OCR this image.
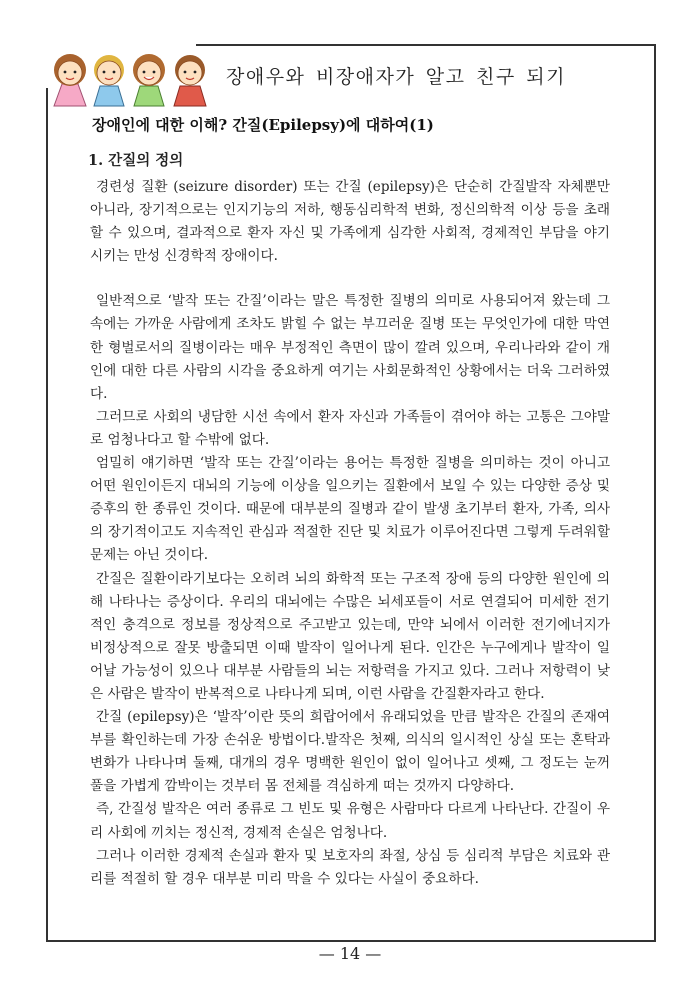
장애우와 비장애자가 알고 친구 되기
장애인에 대한 이해? 간질(Epilepsy)에 대하여(1)
1. 간질의 정의

경련성 질환 (seizure disorder) 또는 간질 (epilepsy)은 단순히 간질발작 자체뿐만 아니라, 장기적으로는 인지기능의 저하, 행동심리학적 변화, 정신의학적 이상 등을 초래할 수 있으며, 결과적으로 환자 자신 및 가족에게 심각한 사회적, 경제적인 부담을 야기 시키는 만성 신경학적 장애이다.

일반적으로 ‘발작 또는 간질’이라는 말은 특정한 질병의 의미로 사용되어져 왔는데 그 속에는 가까운 사람에게 조차도 밝힐 수 없는 부끄러운 질병 또는 무엇인가에 대한 막연한 형벌로서의 질병이라는 매우 부정적인 측면이 많이 깔려 있으며, 우리나라와 같이 개인에 대한 다른 사람의 시각을 중요하게 여기는 사회문화적인 상황에서는 더욱 그러하였다.

그러므로 사회의 냉담한 시선 속에서 환자 자신과 가족들이 겪어야 하는 고통은 그야말로 엄청나다고 할 수밖에 없다.

엄밀히 얘기하면 ‘발작 또는 간질’이라는 용어는 특정한 질병을 의미하는 것이 아니고 어떤 원인이든지 대뇌의 기능에 이상을 일으키는 질환에서 보일 수 있는 다양한 증상 및 증후의 한 종류인 것이다. 때문에 대부분의 질병과 같이 발생 초기부터 환자, 가족, 의사의 장기적이고도 지속적인 관심과 적절한 진단 및 치료가 이루어진다면 그렇게 두려워할 문제는 아닌 것이다.

간질은 질환이라기보다는 오히려 뇌의 화학적 또는 구조적 장애 등의 다양한 원인에 의해 나타나는 증상이다. 우리의 대뇌에는 수많은 뇌세포들이 서로 연결되어 미세한 전기적인 충격으로 정보를 정상적으로 주고받고 있는데, 만약 뇌에서 이러한 전기에너지가 비정상적으로 잘못 방출되면 이때 발작이 일어나게 된다. 인간은 누구에게나 발작이 일어날 가능성이 있으나 대부분 사람들의 뇌는 저항력을 가지고 있다. 그러나 저항력이 낮은 사람은 발작이 반복적으로 나타나게 되며, 이런 사람을 간질환자라고 한다.

간질 (epilepsy)은 ‘발작’이란 뜻의 희랍어에서 유래되었을 만큼 발작은 간질의 존재여부를 확인하는데 가장 손쉬운 방법이다.발작은 첫째, 의식의 일시적인 상실 또는 혼탁과 변화가 나타나며 둘째, 대개의 경우 명백한 원인이 없이 일어나고 셋째, 그 정도는 눈꺼풀을 가볍게 깜박이는 것부터 몸 전체를 격심하게 떠는 것까지 다양하다.

즉, 간질성 발작은 여러 종류로 그 빈도 및 유형은 사람마다 다르게 나타난다. 간질이 우리 사회에 끼치는 정신적, 경제적 손실은 엄청나다.

그러나 이러한 경제적 손실과 환자 및 보호자의 좌절, 상심 등 심리적 부담은 치료와 관리를 적절히 할 경우 대부분 미리 막을 수 있다는 사실이 중요하다.

— 14 —
